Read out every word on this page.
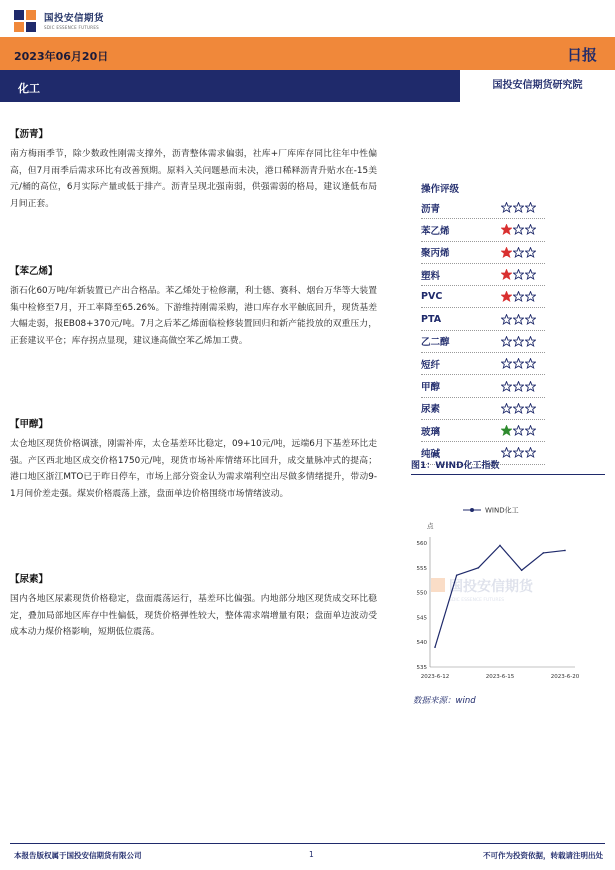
国投安信期货
SDIC ESSENCE FUTURES
2023年06月20日	日报
化工	国投安信期货研究院
【沥青】
南方梅雨季节，除少数政性刚需支撑外，沥青整体需求偏弱，社库+厂库库存同比往年中性偏高，但7月雨季后需求环比有改善预期。原料入关问题悬而未决，港口稀释沥青升贴水在-15美元/桶的高位，6月实际产量或低于排产。沥青呈现北强南弱，供强需弱的格局，建议逢低布局月间正套。
【苯乙烯】
浙石化60万吨/年新装置已产出合格品。苯乙烯处于检修潮，利士德、赛科、烟台万华等大装置集中检修至7月，开工率降至65.26%。下游维持刚需采购，港口库存水平触底回升，现货基差大幅走弱，报EB08+370元/吨。7月之后苯乙烯面临检修装置回归和新产能投放的双重压力，正套建议平仓；库存拐点显现，建议逢高做空苯乙烯加工费。
【甲醇】
太仓地区现货价格调涨，刚需补库，太仓基差环比稳定，09+10元/吨，远端6月下基差环比走强。产区西北地区成交价格1750元/吨，现货市场补库情绪环比回升，成交量脉冲式的提高；港口地区浙江MTO已于昨日停车，市场上部分资金认为需求端利空出尽做多情绪提升，带动9-1月间价差走强。煤炭价格震荡上涨，盘面单边价格围绕市场情绪波动。
【尿素】
国内各地区尿素现货价格稳定，盘面震荡运行，基差环比偏强。内地部分地区现货成交环比稳定，叠加局部地区库存中性偏低，现货价格弹性较大，整体需求端增量有限；盘面单边波动受成本动力煤价格影响，短期低位震荡。
操作评级
沥青
苯乙烯
聚丙烯
塑料
PVC
PTA
乙二醇
短纤
甲醇
尿素
玻璃
纯碱
图1：WIND化工指数
国投安信期货
SDIC ESSENCE FUTURES
点
535
540
545
550
555
560
2023-6-12	2023-6-15	2023-6-20
WIND化工
数据来源：wind
本报告版权属于国投安信期货有限公司	1	不可作为投资依据，转载请注明出处
